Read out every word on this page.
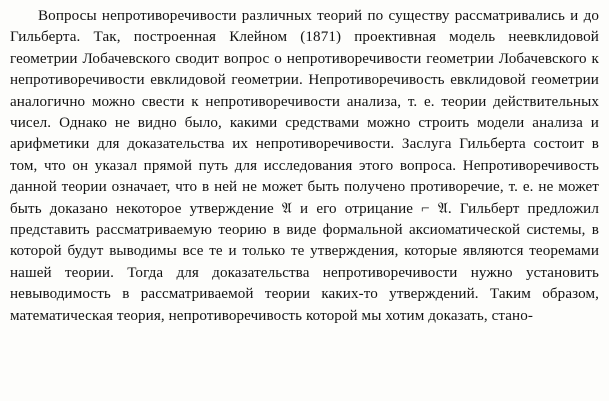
Вопросы непротиворечивости различных теорий по существу рассматривались и до Гильберта. Так, построенная Клейном (1871) проективная модель неевклидовой геометрии Лобачевского сводит вопрос о непротиворечивости геометрии Лобачевского к непротиворечивости евклидовой геометрии. Непротиворечивость евклидовой геометрии аналогично можно свести к непротиворечивости анализа, т. е. теории действительных чисел. Однако не видно было, какими средствами можно строить модели анализа и арифметики для доказательства их непротиворечивости. Заслуга Гильберта состоит в том, что он указал прямой путь для исследования этого вопроса. Непротиворечивость данной теории означает, что в ней не может быть получено противоречие, т. е. не может быть доказано некоторое утверждение 𝔄 и его отрицание ⌐ 𝔄. Гильберт предложил представить рассматриваемую теорию в виде формальной аксиоматической системы, в которой будут выводимы все те и только те утверждения, которые являются теоремами нашей теории. Тогда для доказательства непротиворечивости нужно установить невыводимость в рассматриваемой теории каких-то утверждений. Таким образом, математическая теория, непротиворечивость которой мы хотим доказать, стано-
